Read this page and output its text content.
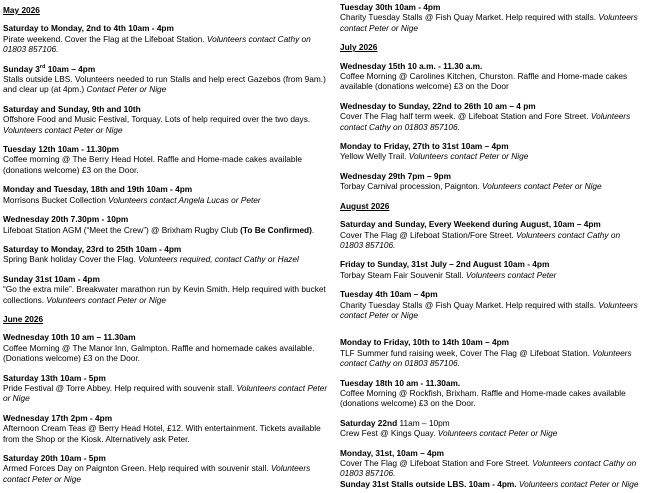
May 2026
Saturday to Monday, 2nd to 4th 10am - 4pm
Pirate weekend. Cover the Flag at the Lifeboat Station. Volunteers contact Cathy on 01803 857106.
Sunday 3rd 10am – 4pm
Stalls outside LBS. Volunteers needed to run Stalls and help erect Gazebos (from 9am.) and clear up (at 4pm.) Contact Peter or Nige
Saturday and Sunday, 9th and 10th
Offshore Food and Music Festival, Torquay. Lots of help required over the two days. Volunteers contact Peter or Nige
Tuesday 12th 10am - 11.30pm
Coffee morning @ The Berry Head Hotel. Raffle and Home-made cakes available (donations welcome) £3 on the Door.
Monday and Tuesday, 18th and 19th 10am - 4pm
Morrisons Bucket Collection Volunteers contact Angela Lucas or Peter
Wednesday 20th 7.30pm - 10pm
Lifeboat Station AGM (“Meet the Crew”) @ Brixham Rugby Club (To Be Confirmed).
Saturday to Monday, 23rd to 25th 10am - 4pm
Spring Bank holiday Cover the Flag. Volunteers required, contact Cathy or Hazel
Sunday 31st 10am - 4pm
“Go the extra mile”. Breakwater marathon run by Kevin Smith. Help required with bucket collections. Volunteers contact Peter or Nige
June 2026
Wednesday 10th 10 am – 11.30am
Coffee Morning @ The Manor Inn, Galmpton. Raffle and homemade cakes available. (Donations welcome) £3 on the Door.
Saturday 13th 10am - 5pm
Pride Festival @ Torre Abbey. Help required with souvenir stall. Volunteers contact Peter or Nige
Wednesday 17th 2pm - 4pm
Afternoon Cream Teas @ Berry Head Hotel, £12. With entertainment. Tickets available from the Shop or the Kiosk. Alternatively ask Peter.
Saturday 20th 10am - 5pm
Armed Forces Day on Paignton Green. Help required with souvenir stall. Volunteers contact Peter or Nige
Tuesday 30th 10am - 4pm
Charity Tuesday Stalls @ Fish Quay Market. Help required with stalls. Volunteers contact Peter or Nige
July 2026
Wednesday 15th 10 a.m. - 11.30 a.m.
Coffee Morning @ Carolines Kitchen, Churston. Raffle and Home-made cakes available (donations welcome) £3 on the Door
Wednesday to Sunday, 22nd to 26th 10 am – 4 pm
Cover The Flag half term week. @ Lifeboat Station and Fore Street. Volunteers contact Cathy on 01803 857106.
Monday to Friday, 27th to 31st 10am – 4pm
Yellow Welly Trail. Volunteers contact Peter or Nige
Wednesday 29th 7pm – 9pm
Torbay Carnival procession, Paignton. Volunteers contact Peter or Nige
August 2026
Saturday and Sunday, Every Weekend during August, 10am – 4pm
Cover The Flag @ Lifeboat Station/Fore Street. Volunteers contact Cathy on 01803 857106.
Friday to Sunday, 31st July – 2nd August 10am - 4pm
Torbay Steam Fair Souvenir Stall. Volunteers contact Peter
Tuesday 4th 10am – 4pm
Charity Tuesday Stalls @ Fish Quay Market. Help required with stalls. Volunteers contact Peter or Nige
Monday to Friday, 10th to 14th 10am – 4pm
TLF Summer fund raising week, Cover The Flag @ Lifeboat Station. Volunteers contact Cathy on 01803 857106.
Tuesday 18th 10 am - 11.30am.
Coffee Morning @ Rockfish, Brixham. Raffle and Home-made cakes available (donations welcome) £3 on the Door.
Saturday 22nd 11am – 10pm
Crew Fest @ Kings Quay. Volunteers contact Peter or Nige
Monday, 31st, 10am – 4pm
Cover The Flag @ Lifeboat Station and Fore Street. Volunteers contact Cathy on 01803 857106.
Sunday 31st Stalls outside LBS. 10am - 4pm. Volunteers contact Peter or Nige
